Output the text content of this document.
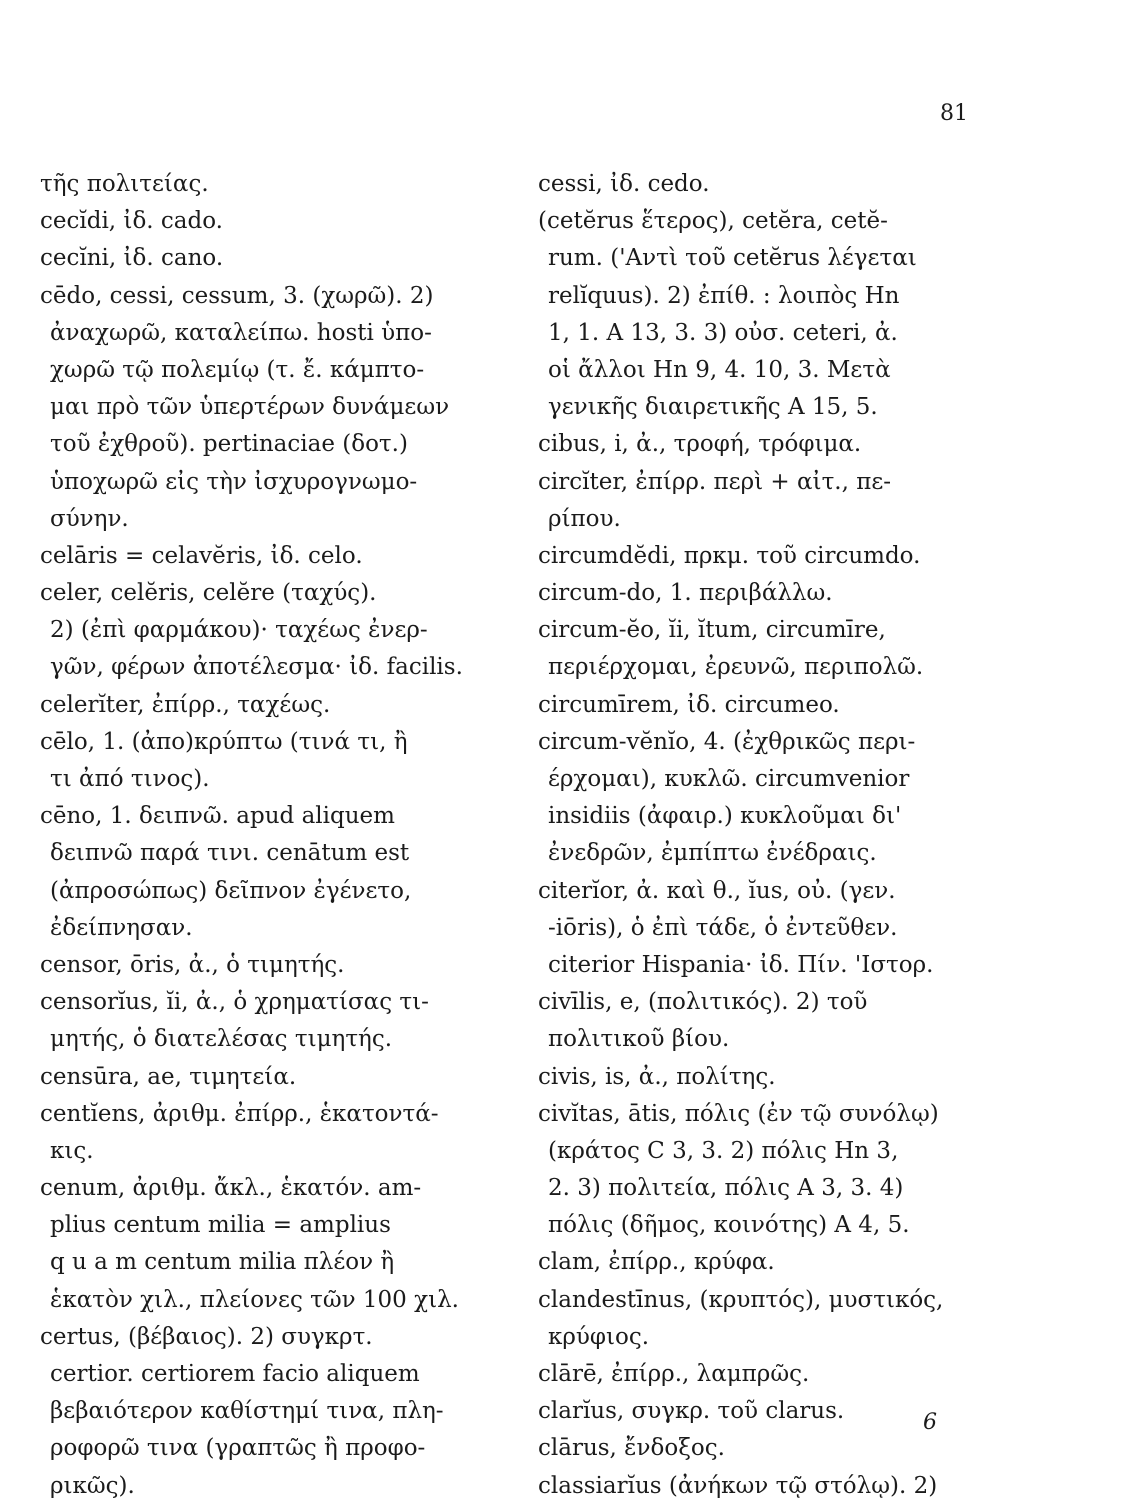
81
τῆς πολιτείας.
cecĭdi, ἰδ. cado.
cecĭni, ἰδ. cano.
cēdo, cessi, cessum, 3. (χωρῶ). 2)
ἀναχωρῶ, καταλείπω. hosti ὑπο-
χωρῶ τῷ πολεμίῳ (τ. ἔ. κάμπτο-
μαι πρὸ τῶν ὑπερτέρων δυνάμεων
τοῦ ἐχθροῦ). pertinaciae (δοτ.)
ὑποχωρῶ εἰς τὴν ἰσχυρογνωμο-
σύνην.
celāris = celavĕris, ἰδ. celo.
celer, celĕris, celĕre (ταχύς).
2) (ἐπὶ φαρμάκου)· ταχέως ἐνερ-
γῶν, φέρων ἀποτέλεσμα· ἰδ. facilis.
celerĭter, ἐπίρρ., ταχέως.
cēlo, 1. (ἀπο)κρύπτω (τινά τι, ἢ
τι ἀπό τινος).
cēno, 1. δειπνῶ. apud aliquem
δειπνῶ παρά τινι. cenātum est
(ἀπροσώπως) δεῖπνον ἐγένετο,
ἐδείπνησαν.
censor, ōris, ἀ., ὁ τιμητής.
censorĭus, ĭi, ἀ., ὁ χρηματίσας τι-
μητής, ὁ διατελέσας τιμητής.
censūra, ae, τιμητεία.
centĭens, ἀριθμ. ἐπίρρ., ἑκατοντά-
κις.
cenum, ἀριθμ. ἄκλ., ἑκατόν. am-
plius centum milia = amplius
q u a m centum milia πλέον ἢ
ἑκατὸν χιλ., πλείονες τῶν 100 χιλ.
certus, (βέβαιος). 2) συγκρτ.
certior. certiorem facio aliquem
βεβαιότερον καθίστημί τινα, πλη-
ροφορῶ τινα (γραπτῶς ἢ προφο-
ρικῶς).
cessi, ἰδ. cedo.
(cetĕrus ἕτερος), cetĕra, cetĕ-
rum. ('Αντὶ τοῦ cetĕrus λέγεται
relĭquus). 2) ἐπίθ. : λοιπὸς Hn
1, 1. A 13, 3. 3) οὐσ. ceteri, ἀ.
οἱ ἄλλοι Hn 9, 4. 10, 3. Μετὰ
γενικῆς διαιρετικῆς A 15, 5.
cibus, i, ἀ., τροφή, τρόφιμα.
circĭter, ἐπίρρ. περὶ + αἰτ., πε-
ρίπου.
circumdĕdi, πρκμ. τοῦ circumdo.
circum-do, 1. περιβάλλω.
circum-ĕo, ĭi, ĭtum, circumīre,
περιέρχομαι, ἐρευνῶ, περιπολῶ.
circumīrem, ἰδ. circumeo.
circum-vĕnĭo, 4. (ἐχθρικῶς περι-
έρχομαι), κυκλῶ. circumvenior
insidiis (ἀφαιρ.) κυκλοῦμαι δι'
ἐνεδρῶν, ἐμπίπτω ἐνέδραις.
citerĭor, ἀ. καὶ θ., ĭus, οὐ. (γεν.
-iōris), ὁ ἐπὶ τάδε, ὁ ἐντεῦθεν.
citerior Hispania· ἰδ. Πίν. 'Ιστορ.
civīlis, e, (πολιτικός). 2) τοῦ
πολιτικοῦ βίου.
civis, is, ἀ., πολίτης.
civĭtas, ātis, πόλις (ἐν τῷ συνόλῳ)
(κράτος C 3, 3. 2) πόλις Hn 3,
2. 3) πολιτεία, πόλις A 3, 3. 4)
πόλις (δῆμος, κοινότης) A 4, 5.
clam, ἐπίρρ., κρύφα.
clandestīnus, (κρυπτός), μυστικός,
κρύφιος.
clārē, ἐπίρρ., λαμπρῶς.
clarĭus, συγκρ. τοῦ clarus.
clārus, ἔνδοξος.
classiarĭus (ἀνήκων τῷ στόλῳ). 2)
6
